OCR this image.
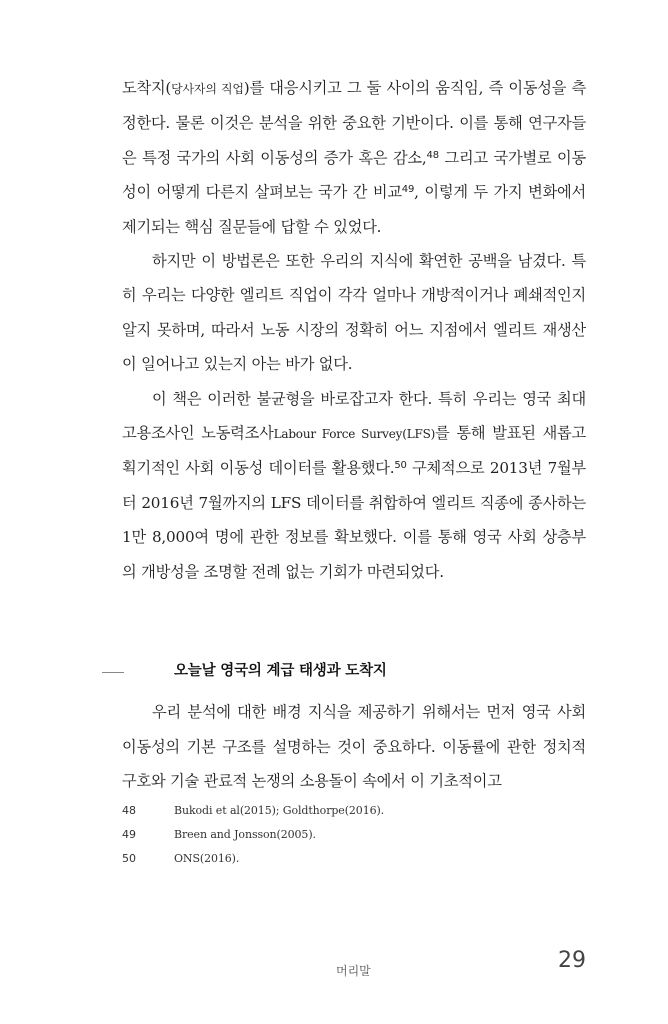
도착지(당사자의 직업)를 대응시키고 그 둘 사이의 움직임, 즉 이동성을 측정한다. 물론 이것은 분석을 위한 중요한 기반이다. 이를 통해 연구자들은 특정 국가의 사회 이동성의 증가 혹은 감소,$^{48}$ 그리고 국가별로 이동성이 어떻게 다른지 살펴보는 국가 간 비교$^{49}$, 이렇게 두 가지 변화에서 제기되는 핵심 질문들에 답할 수 있었다.

하지만 이 방법론은 또한 우리의 지식에 확연한 공백을 남겼다. 특히 우리는 다양한 엘리트 직업이 각각 얼마나 개방적이거나 폐쇄적인지 알지 못하며, 따라서 노동 시장의 정확히 어느 지점에서 엘리트 재생산이 일어나고 있는지 아는 바가 없다.

이 책은 이러한 불균형을 바로잡고자 한다. 특히 우리는 영국 최대 고용조사인 노동력조사Labour Force Survey(LFS)를 통해 발표된 새롭고 획기적인 사회 이동성 데이터를 활용했다.$^{50}$ 구체적으로 2013년 7월부터 2016년 7월까지의 LFS 데이터를 취합하여 엘리트 직종에 종사하는 1만 8,000여 명에 관한 정보를 확보했다. 이를 통해 영국 사회 상층부의 개방성을 조명할 전례 없는 기회가 마련되었다.

오늘날 영국의 계급 태생과 도착지

우리 분석에 대한 배경 지식을 제공하기 위해서는 먼저 영국 사회 이동성의 기본 구조를 설명하는 것이 중요하다. 이동률에 관한 정치적 구호와 기술 관료적 논쟁의 소용돌이 속에서 이 기초적이고

48	Bukodi et al(2015); Goldthorpe(2016).
49	Breen and Jonsson(2005).
50	ONS(2016).
머리말	29
